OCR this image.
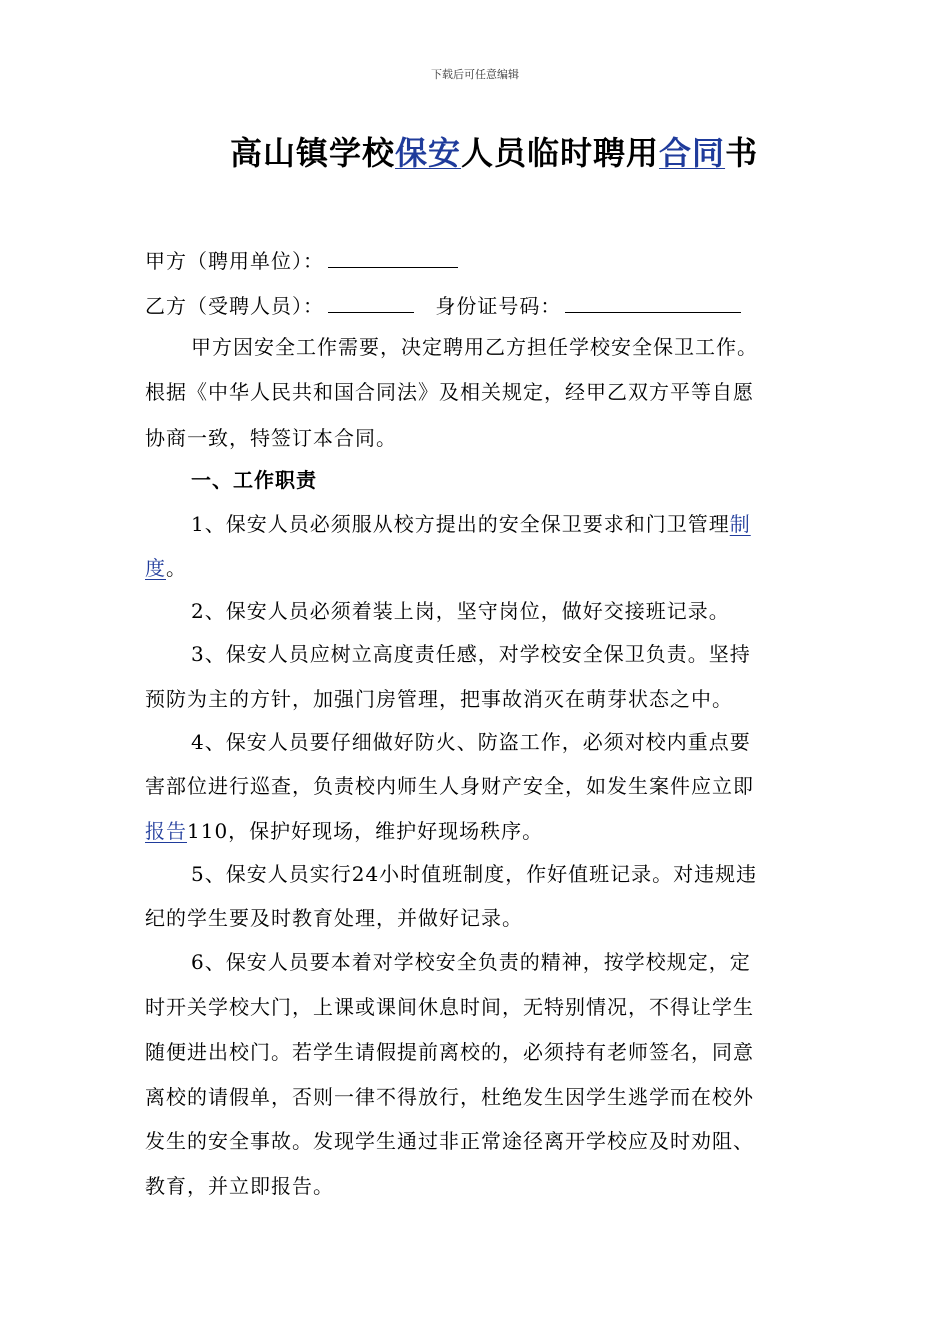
下载后可任意编辑
高山镇学校保安人员临时聘用合同书
甲方（聘用单位）：
乙方（受聘人员）：	身份证号码：
甲方因安全工作需要，决定聘用乙方担任学校安全保卫工作。
根据《中华人民共和国合同法》及相关规定，经甲乙双方平等自愿
协商一致，特签订本合同。
一、工作职责
1、保安人员必须服从校方提出的安全保卫要求和门卫管理制
度。
2、保安人员必须着装上岗，坚守岗位，做好交接班记录。
3、保安人员应树立高度责任感，对学校安全保卫负责。坚持
预防为主的方针，加强门房管理，把事故消灭在萌芽状态之中。
4、保安人员要仔细做好防火、防盗工作，必须对校内重点要
害部位进行巡查，负责校内师生人身财产安全，如发生案件应立即
报告110，保护好现场，维护好现场秩序。
5、保安人员实行24小时值班制度，作好值班记录。对违规违
纪的学生要及时教育处理，并做好记录。
6、保安人员要本着对学校安全负责的精神，按学校规定，定
时开关学校大门，上课或课间休息时间，无特别情况，不得让学生
随便进出校门。若学生请假提前离校的，必须持有老师签名，同意
离校的请假单，否则一律不得放行，杜绝发生因学生逃学而在校外
发生的安全事故。发现学生通过非正常途径离开学校应及时劝阻、
教育，并立即报告。
